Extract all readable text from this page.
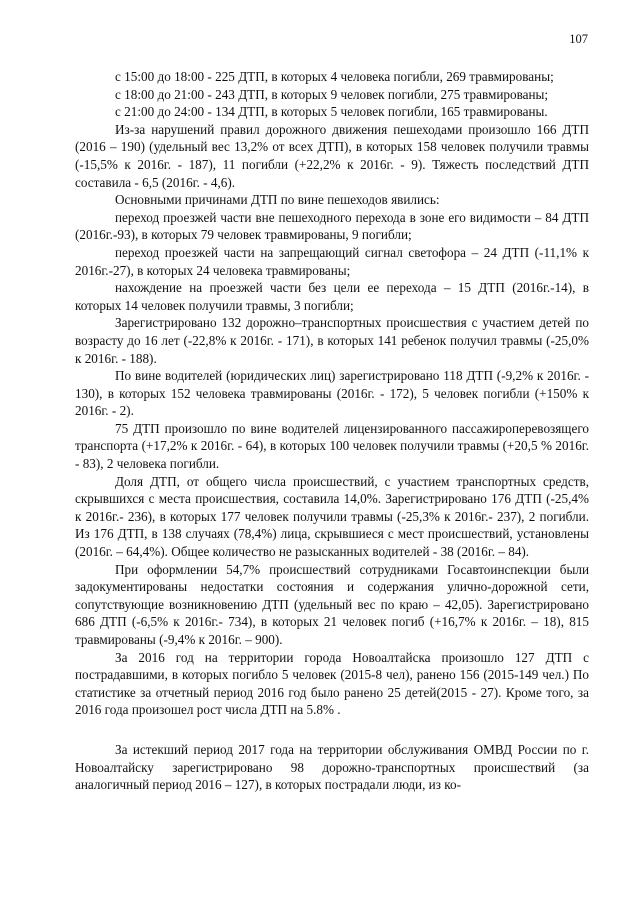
107

с 15:00 до 18:00 - 225 ДТП, в которых 4 человека погибли, 269 травмированы;

с 18:00 до 21:00 - 243 ДТП, в которых 9 человек погибли, 275 травмированы;

с 21:00 до 24:00 - 134 ДТП, в которых 5 человек погибли, 165 травмированы.

Из-за нарушений правил дорожного движения пешеходами произошло 166 ДТП (2016 – 190) (удельный вес 13,2% от всех ДТП), в которых 158 человек получили травмы (-15,5% к 2016г. - 187), 11 погибли (+22,2% к 2016г. - 9). Тяжесть последствий ДТП составила - 6,5 (2016г. - 4,6).

Основными причинами ДТП по вине пешеходов явились:

переход проезжей части вне пешеходного перехода в зоне его видимости – 84 ДТП (2016г.-93), в которых 79 человек травмированы, 9 погибли;

переход проезжей части на запрещающий сигнал светофора – 24 ДТП (-11,1% к 2016г.-27), в которых 24 человека травмированы;

нахождение на проезжей части без цели ее перехода – 15 ДТП (2016г.-14), в которых 14 человек получили травмы, 3 погибли;

Зарегистрировано 132 дорожно–транспортных происшествия с участием детей по возрасту до 16 лет (-22,8% к 2016г. - 171), в которых 141 ребенок получил травмы (-25,0% к 2016г. - 188).

По вине водителей (юридических лиц) зарегистрировано 118 ДТП (-9,2% к 2016г. - 130), в которых 152 человека травмированы (2016г. - 172), 5 человек погибли (+150% к 2016г. - 2).

75 ДТП произошло по вине водителей лицензированного пассажироперевозящего транспорта (+17,2% к 2016г. - 64), в которых 100 человек получили травмы (+20,5 % 2016г. - 83), 2 человека погибли.

Доля ДТП, от общего числа происшествий, с участием транспортных средств, скрывшихся с места происшествия, составила 14,0%. Зарегистрировано 176 ДТП (-25,4% к 2016г.- 236), в которых 177 человек получили травмы (-25,3% к 2016г.- 237), 2 погибли. Из 176 ДТП, в 138 случаях (78,4%) лица, скрывшиеся с мест происшествий, установлены (2016г. – 64,4%). Общее количество не разысканных водителей - 38 (2016г. – 84).

При оформлении 54,7% происшествий сотрудниками Госавтоинспекции были задокументированы недостатки состояния и содержания улично-дорожной сети, сопутствующие возникновению ДТП (удельный вес по краю – 42,05). Зарегистрировано 686 ДТП (-6,5% к 2016г.- 734), в которых 21 человек погиб (+16,7% к 2016г. – 18), 815 травмированы (-9,4% к 2016г. – 900).

За 2016 год на территории города Новоалтайска произошло 127 ДТП с пострадавшими, в которых погибло 5 человек (2015-8 чел), ранено 156 (2015-149 чел.) По статистике за отчетный период 2016 год было ранено 25 детей(2015 - 27). Кроме того, за 2016 года произошел рост числа ДТП на 5.8% .

За истекший период 2017 года на территории обслуживания ОМВД России по г. Новоалтайску зарегистрировано 98 дорожно-транспортных происшествий (за аналогичный период 2016 – 127), в которых пострадали люди, из ко-
